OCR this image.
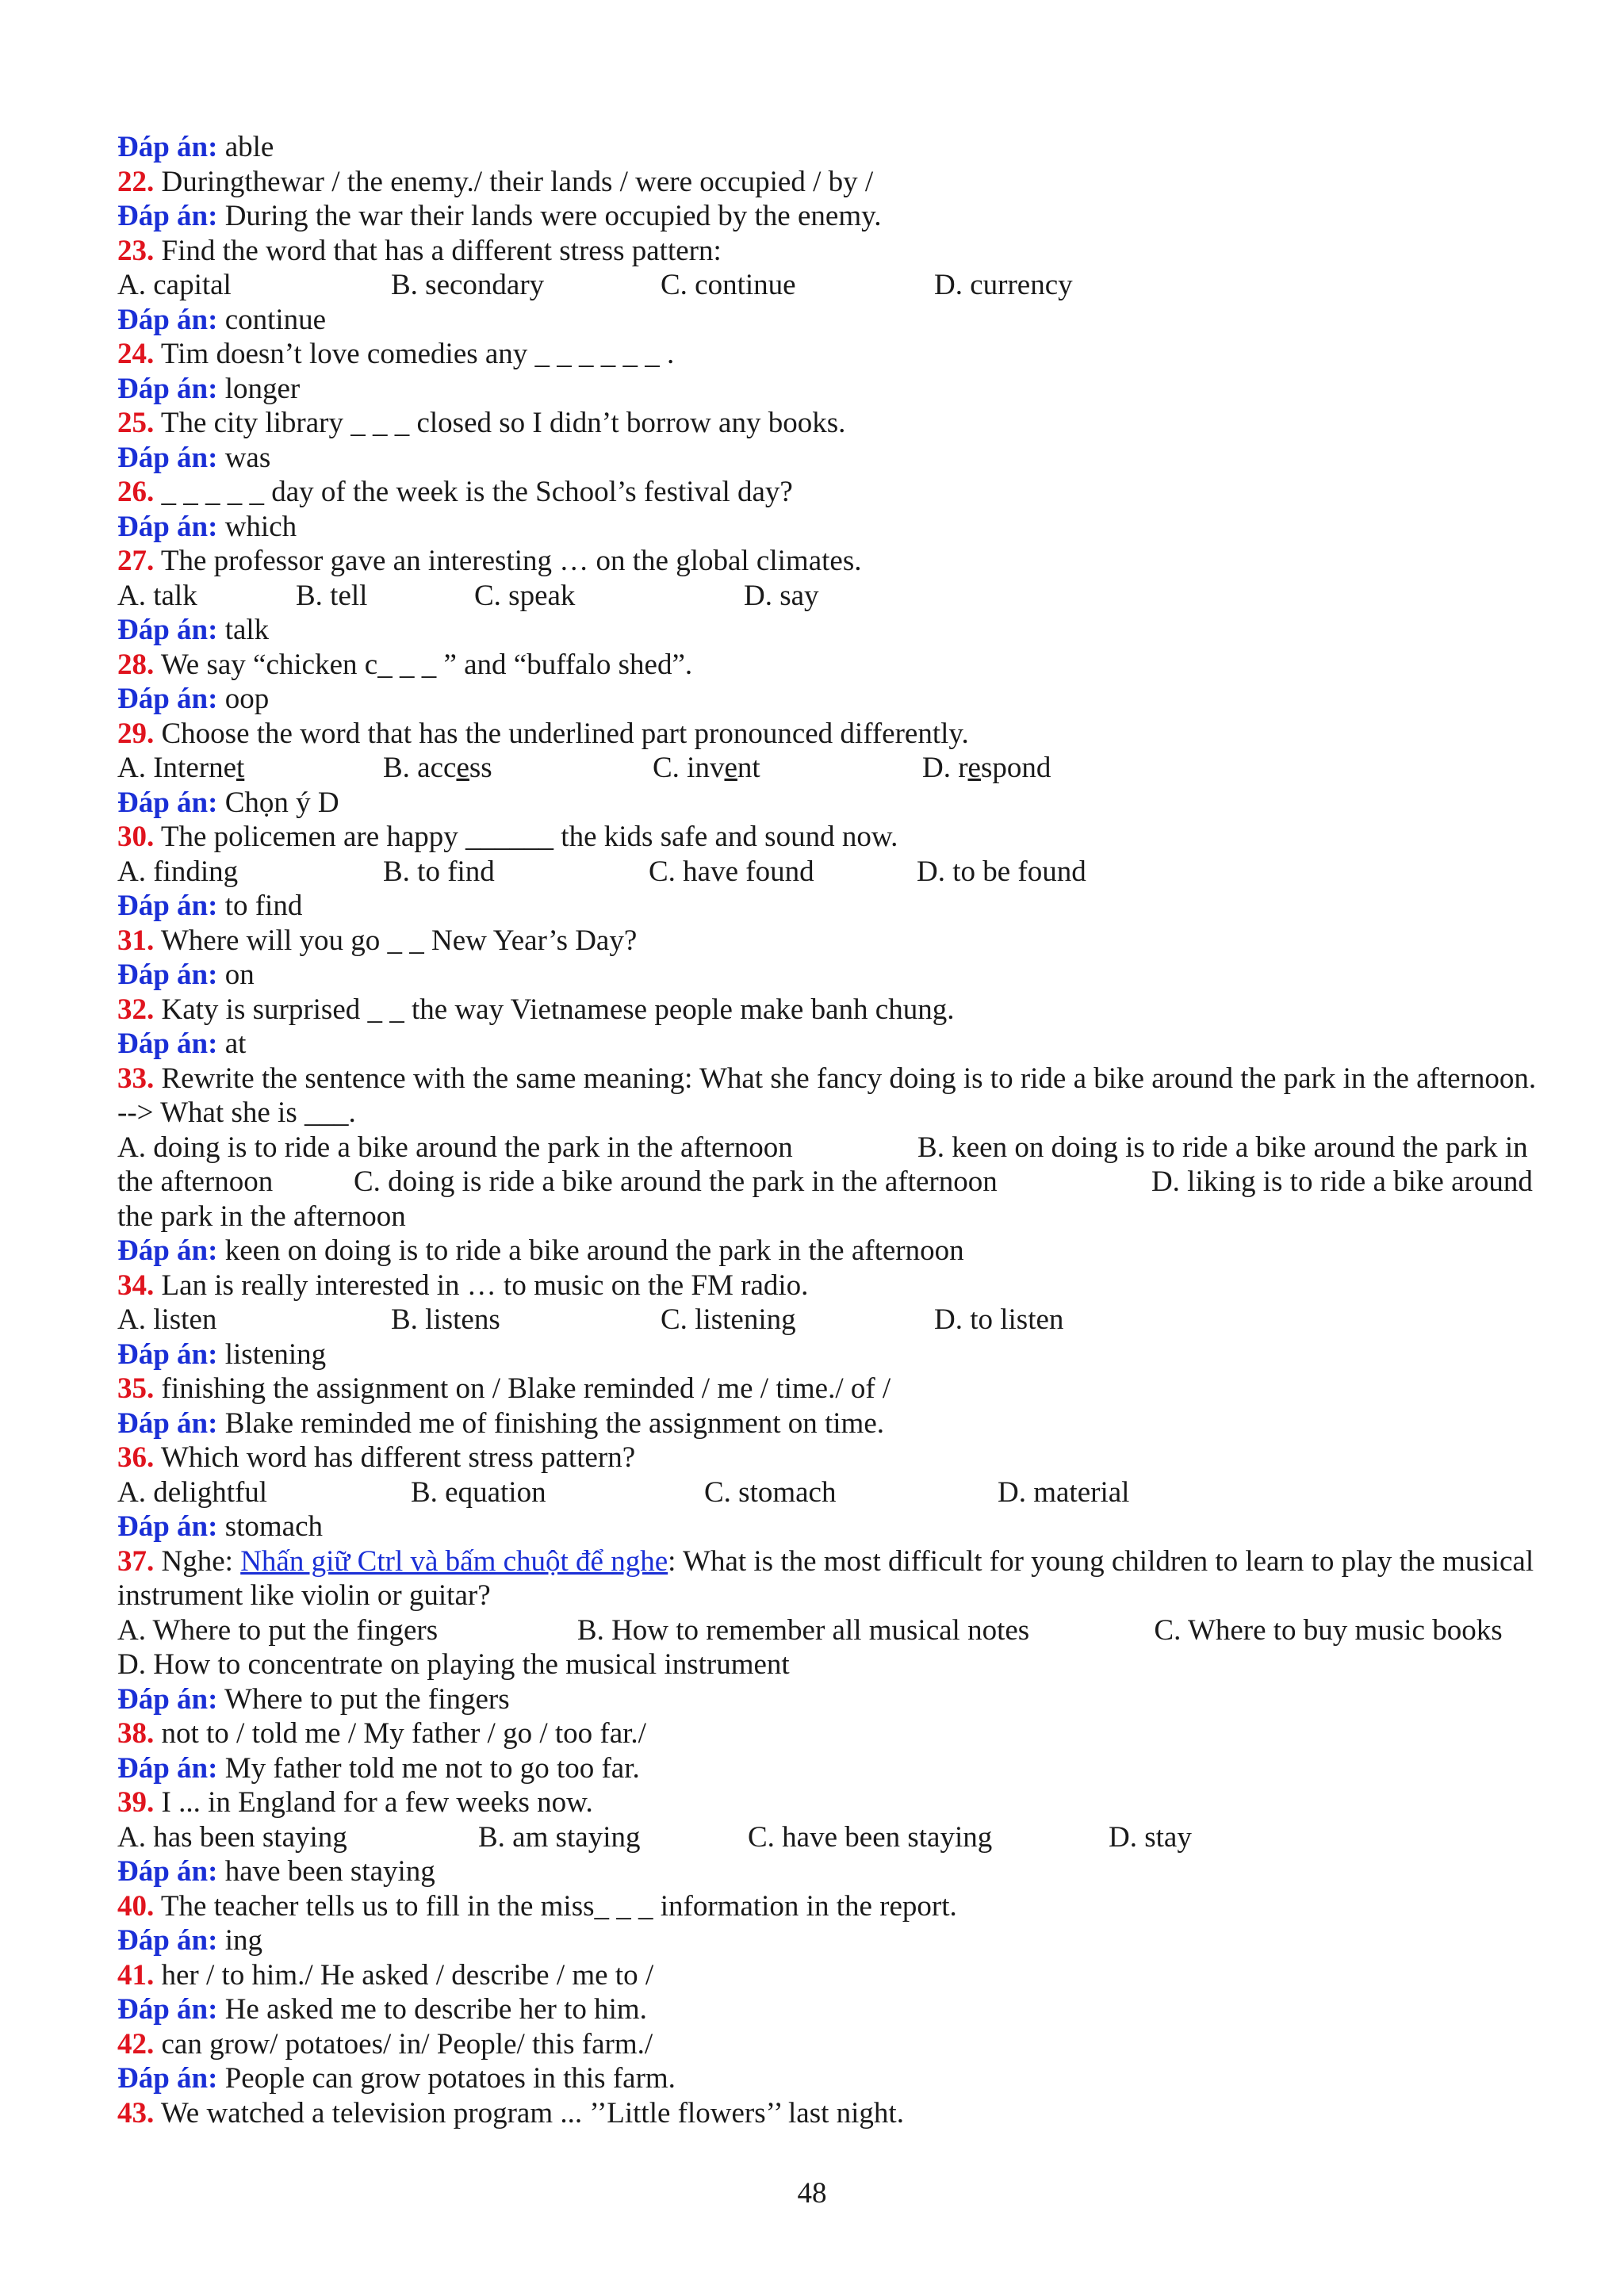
Đáp án: able
22. Duringthewar / the enemy./ their lands / were occupied / by /
Đáp án: During the war their lands were occupied by the enemy.
23. Find the word that has a different stress pattern:
A. capital	B. secondary	C. continue	D. currency
Đáp án: continue
24. Tim doesn’t love comedies any _ _ _ _ _ _ .
Đáp án: longer
25. The city library _ _ _ closed so I didn’t borrow any books.
Đáp án: was
26. _ _ _ _ _ day of the week is the School’s festival day?
Đáp án: which
27. The professor gave an interesting … on the global climates.
A. talk	B. tell	C. speak	D. say
Đáp án: talk
28. We say “chicken c_ _ _ ” and “buffalo shed”.
Đáp án: oop
29. Choose the word that has the underlined part pronounced differently.
A. Internet	B. access	C. invent	D. respond
Đáp án: Chọn ý D
30. The policemen are happy ______ the kids safe and sound now.
A. finding	B. to find	C. have found	D. to be found
Đáp án: to find
31. Where will you go _ _ New Year’s Day?
Đáp án: on
32. Katy is surprised _ _ the way Vietnamese people make banh chung.
Đáp án: at
33. Rewrite the sentence with the same meaning: What she fancy doing is to ride a bike around the park in the afternoon. --> What she is ___.
A. doing is to ride a bike around the park in the afternoon                 B. keen on doing is to ride a bike around the park in the afternoon           C. doing is ride a bike around the park in the afternoon                     D. liking is to ride a bike around the park in the afternoon
Đáp án: keen on doing is to ride a bike around the park in the afternoon
34. Lan is really interested in … to music on the FM radio.
A. listen	B. listens	C. listening	D. to listen
Đáp án: listening
35. finishing the assignment on / Blake reminded / me / time./ of /
Đáp án: Blake reminded me of finishing the assignment on time.
36. Which word has different stress pattern?
A. delightful	B. equation	C. stomach	D. material
Đáp án: stomach
37. Nghe: Nhấn giữ Ctrl và bấm chuột để nghe: What is the most difficult for young children to learn to play the musical instrument like violin or guitar?
A. Where to put the fingers                   B. How to remember all musical notes                 C. Where to buy music books           D. How to concentrate on playing the musical instrument
Đáp án: Where to put the fingers
38. not to / told me / My father / go / too far./
Đáp án: My father told me not to go too far.
39. I ... in England for a few weeks now.
A. has been staying	B. am staying	C. have been staying	D. stay
Đáp án: have been staying
40. The teacher tells us to fill in the miss_ _ _ information in the report.
Đáp án: ing
41. her / to him./ He asked / describe / me to /
Đáp án: He asked me to describe her to him.
42. can grow/ potatoes/ in/ People/ this farm./
Đáp án: People can grow potatoes in this farm.
43. We watched a television program ... ’’Little flowers’’ last night.
48
